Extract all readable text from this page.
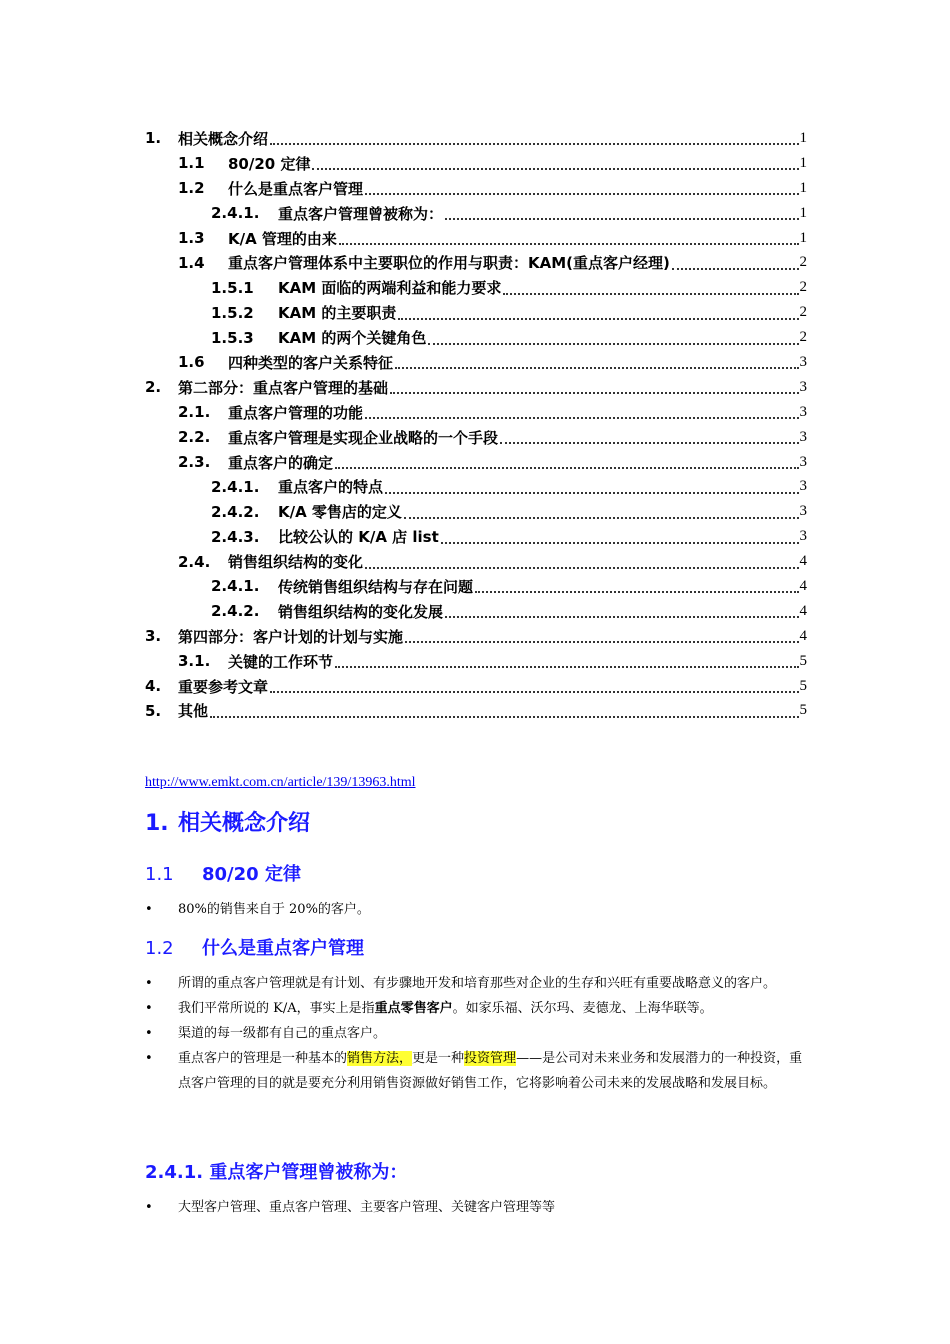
1.	相关概念介绍	1
1.1	80/20 定律	1
1.2	什么是重点客户管理	1
2.4.1.	重点客户管理曾被称为：	1
1.3	K/A 管理的由来	1
1.4	重点客户管理体系中主要职位的作用与职责：KAM(重点客户经理)	2
1.5.1	KAM 面临的两端利益和能力要求	2
1.5.2	KAM 的主要职责	2
1.5.3	KAM 的两个关键角色	2
1.6	四种类型的客户关系特征	3
2.	第二部分：重点客户管理的基础	3
2.1.	重点客户管理的功能	3
2.2.	重点客户管理是实现企业战略的一个手段	3
2.3.	重点客户的确定	3
2.4.1.	重点客户的特点	3
2.4.2.	K/A 零售店的定义	3
2.4.3.	比较公认的 K/A 店 list	3
2.4.	销售组织结构的变化	4
2.4.1.	传统销售组织结构与存在问题	4
2.4.2.	销售组织结构的变化发展	4
3.	第四部分：客户计划的计划与实施	4
3.1.	关键的工作环节	5
4.	重要参考文章	5
5.	其他	5
http://www.emkt.com.cn/article/139/13963.html
1. 相关概念介绍
1.1 80/20 定律
• 80%的销售来自于 20%的客户。
1.2 什么是重点客户管理
• 所谓的重点客户管理就是有计划、有步骤地开发和培育那些对企业的生存和兴旺有重要战略意义的客户。
• 我们平常所说的 K/A，事实上是指重点零售客户。如家乐福、沃尔玛、麦德龙、上海华联等。
• 渠道的每一级都有自己的重点客户。
• 重点客户的管理是一种基本的销售方法，更是一种投资管理——是公司对未来业务和发展潜力的一种投资，重点客户管理的目的就是要充分利用销售资源做好销售工作，它将影响着公司未来的发展战略和发展目标。
2.4.1. 重点客户管理曾被称为：
• 大型客户管理、重点客户管理、主要客户管理、关键客户管理等等
